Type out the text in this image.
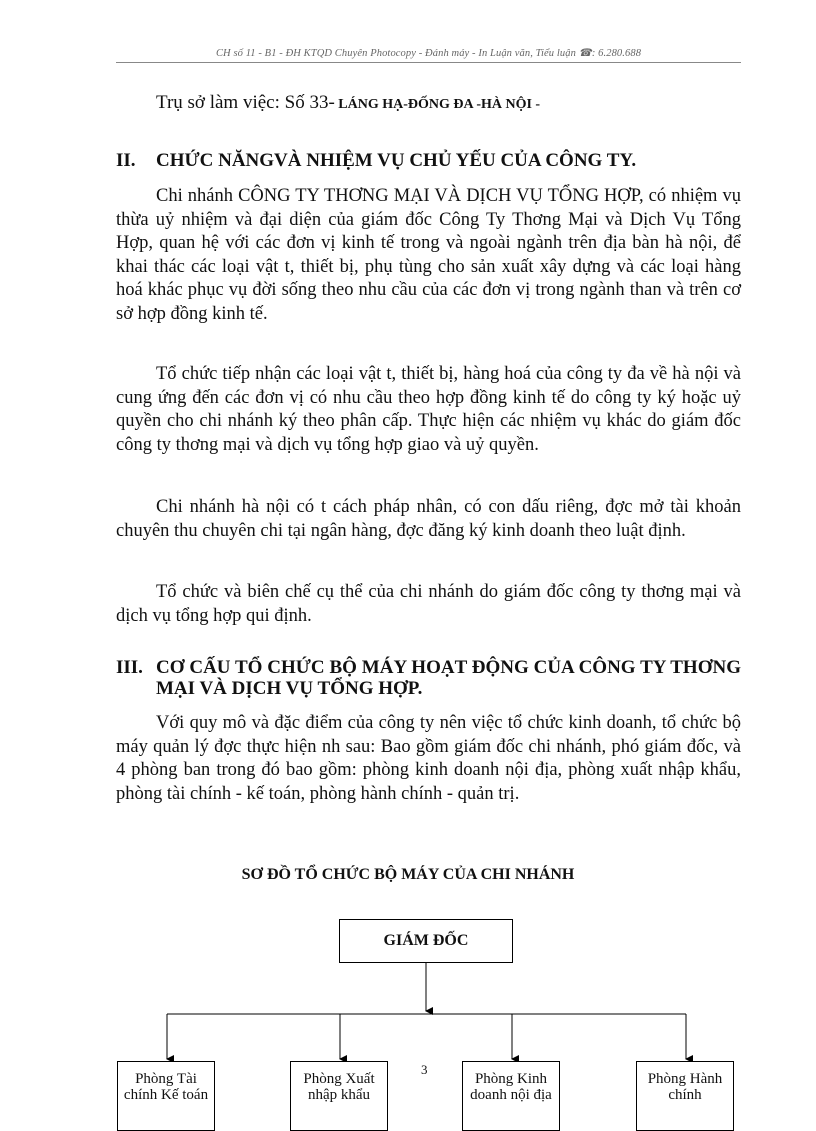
CH số 11 - B1 - ĐH KTQD Chuyên Photocopy - Đánh máy - In Luận văn, Tiểu luận ☎: 6.280.688
Trụ sở làm việc: Số 33- LÁNG HẠ-ĐỐNG ĐA -HÀ NỘI -
II. CHỨC NĂNGVÀ NHIỆM VỤ CHỦ YẾU CỦA CÔNG TY.

Chi nhánh CÔNG TY THƠNG MẠI VÀ DỊCH VỤ TỔNG HỢP, có nhiệm vụ thừa uỷ nhiệm và đại diện của giám đốc Công Ty Thơng Mại và Dịch Vụ Tổng Hợp, quan hệ với các đơn vị kinh tế trong và ngoài ngành trên địa bàn hà nội, để khai thác các loại vật t, thiết bị, phụ tùng cho sản xuất xây dựng và các loại hàng hoá khác phục vụ đời sống theo nhu cầu của các đơn vị trong ngành than và trên cơ sở hợp đồng kinh tế.

Tổ chức tiếp nhận các loại vật t, thiết bị, hàng hoá của công ty đa về hà nội và cung ứng đến các đơn vị có nhu cầu theo hợp đồng kinh tế do công ty ký hoặc uỷ quyền cho chi nhánh ký theo phân cấp. Thực hiện các nhiệm vụ khác do giám đốc công ty thơng mại và dịch vụ tổng hợp giao và uỷ quyền.

Chi nhánh hà nội có t cách pháp nhân, có con dấu riêng, đợc mở tài khoản chuyên thu chuyên chi tại ngân hàng, đợc đăng ký kinh doanh theo luật định.

Tổ chức và biên chế cụ thể của chi nhánh do giám đốc công ty thơng mại và dịch vụ tổng hợp qui định.

III. CƠ CẤU TỔ CHỨC BỘ MÁY HOẠT ĐỘNG CỦA CÔNG TY THƠNG MẠI VÀ DỊCH VỤ TỔNG HỢP.

Với quy mô và đặc điểm của công ty nên việc tổ chức kinh doanh, tổ chức bộ máy quản lý đợc thực hiện nh sau: Bao gồm giám đốc chi nhánh, phó giám đốc, và 4 phòng ban trong đó bao gồm: phòng kinh doanh nội địa, phòng xuất nhập khẩu, phòng tài chính - kế toán, phòng hành chính - quản trị.

SƠ ĐỒ TỔ CHỨC BỘ MÁY CỦA CHI NHÁNH
GIÁM ĐỐC
Phòng Tài chính Kế toán
Phòng Xuất nhập khẩu
Phòng Kinh doanh nội địa
Phòng Hành chính
3
